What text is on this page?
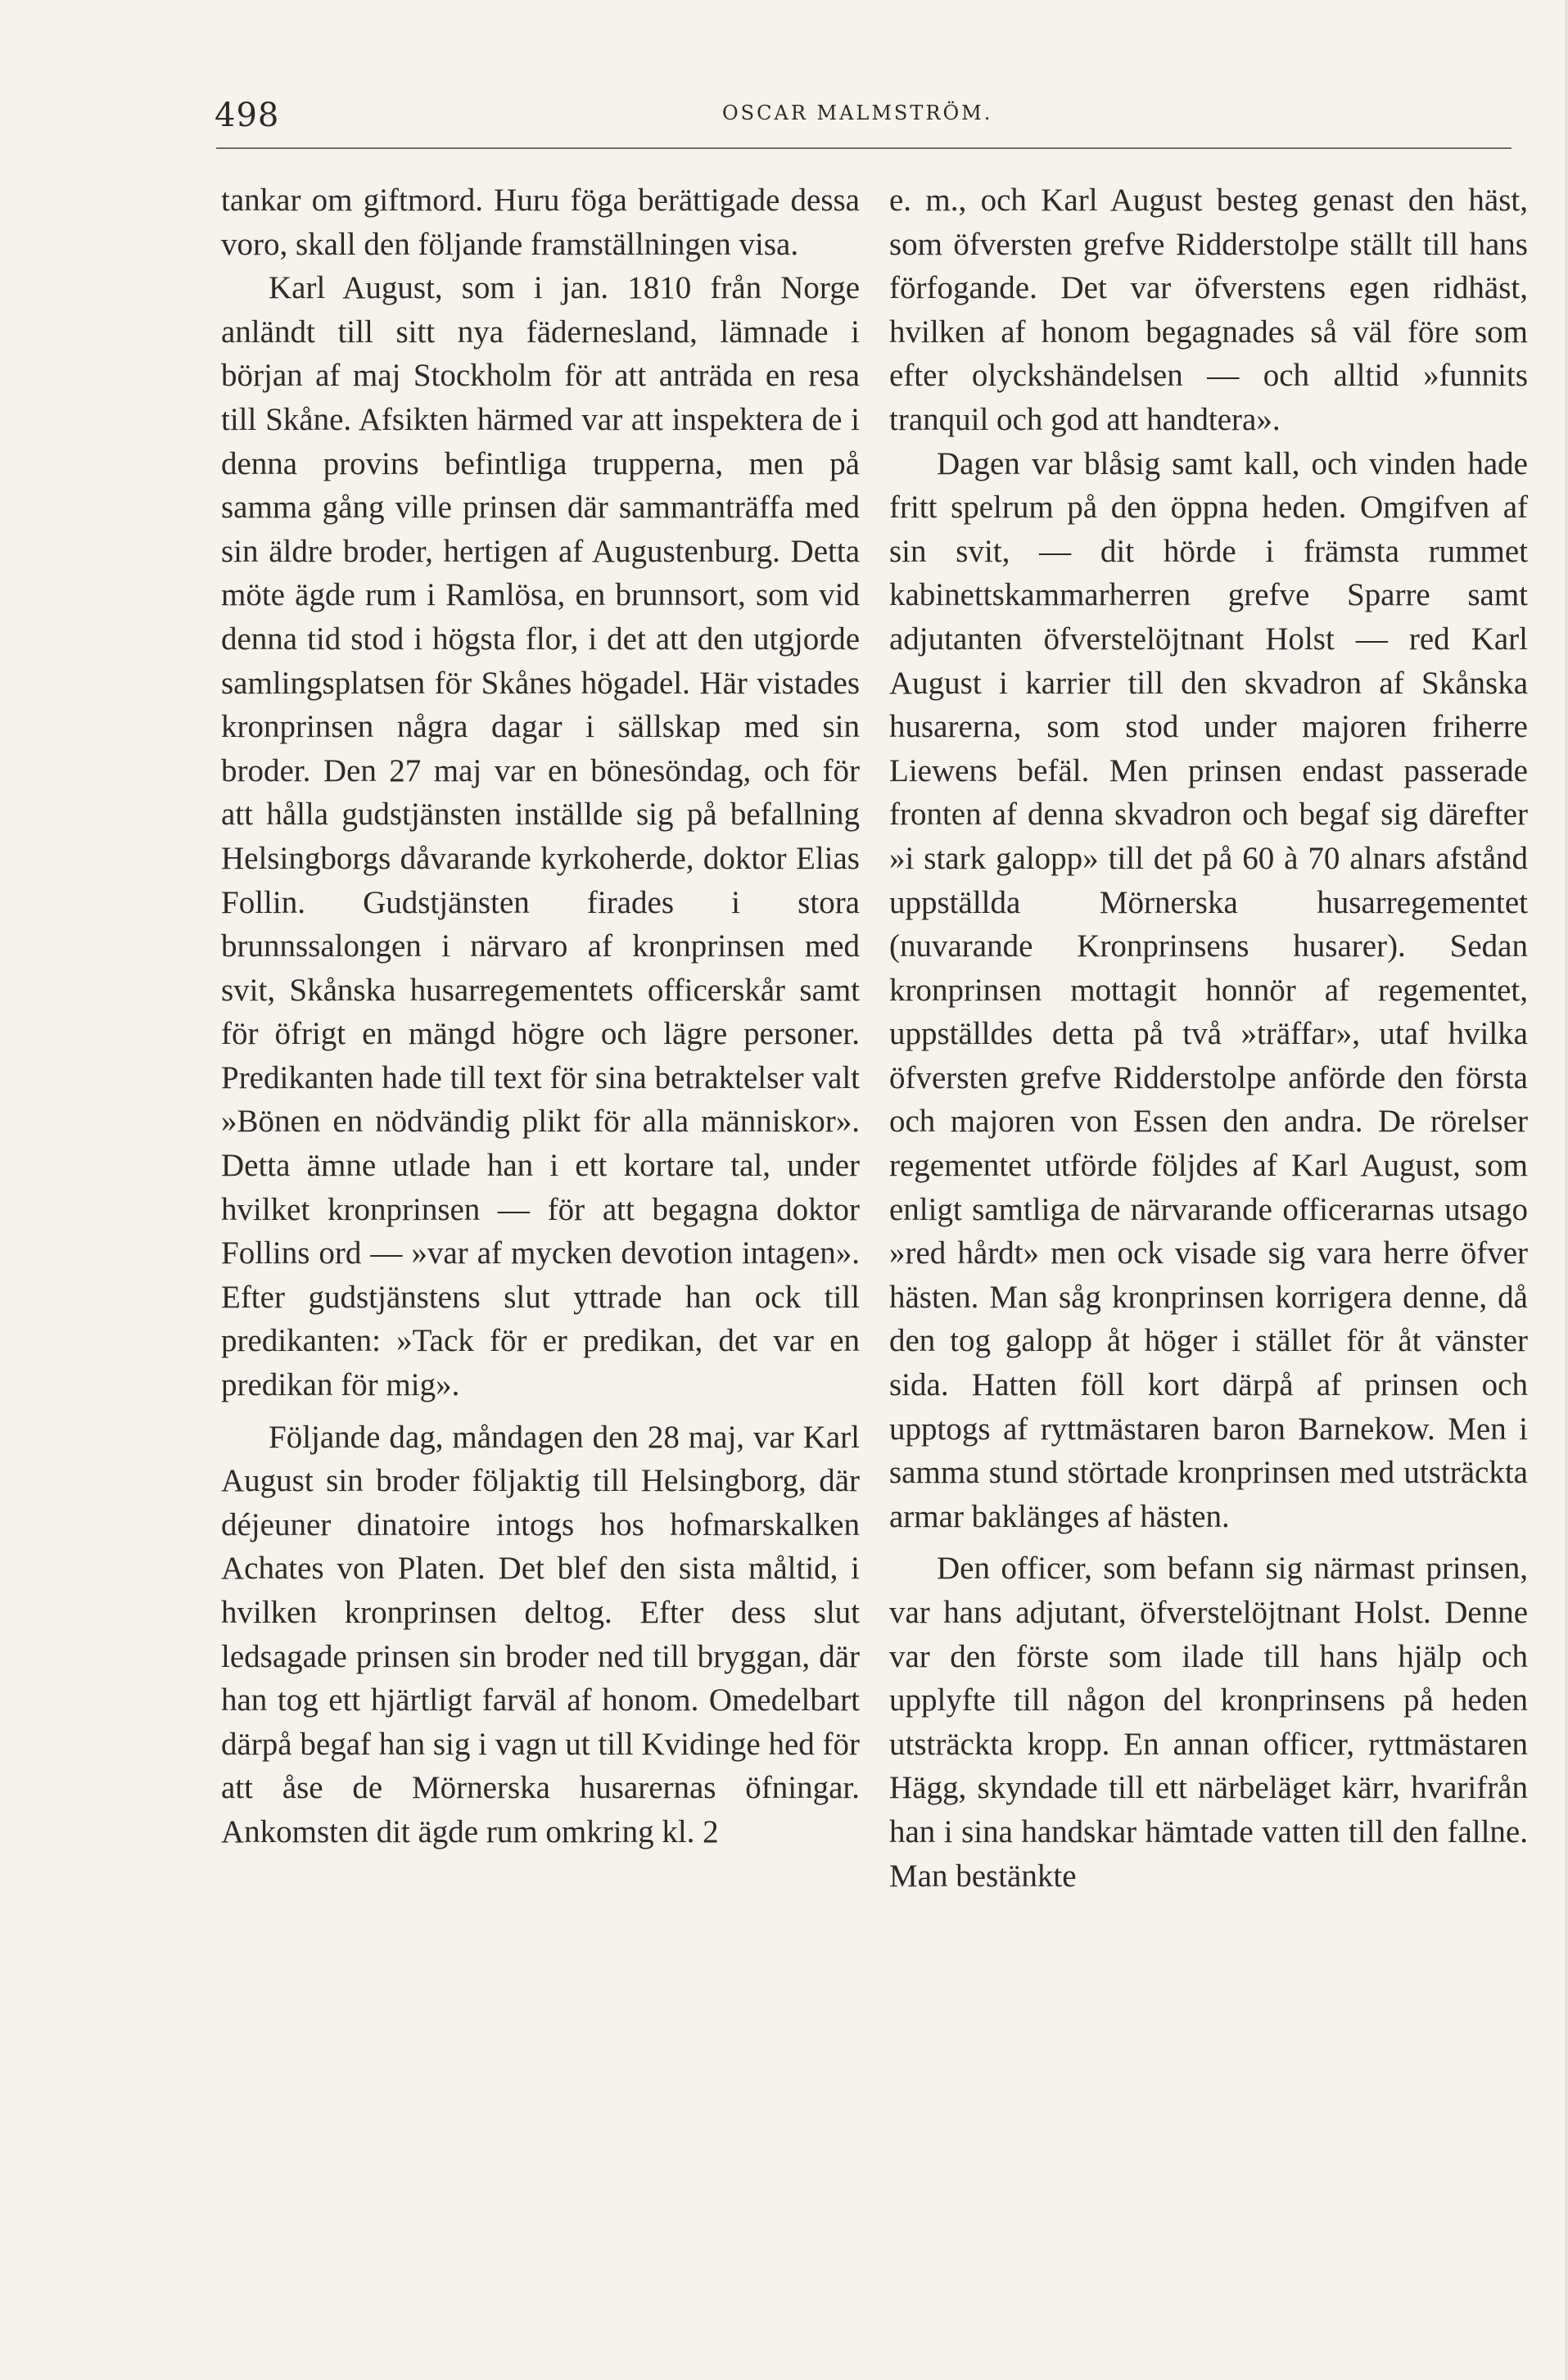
498	OSCAR MALMSTRÖM.

tankar om giftmord. Huru föga berättigade dessa voro, skall den följande framställningen visa.

Karl August, som i jan. 1810 från Norge anländt till sitt nya fädernesland, lämnade i början af maj Stockholm för att anträda en resa till Skåne. Afsikten härmed var att inspektera de i denna provins befintliga trupperna, men på samma gång ville prinsen där sammanträffa med sin äldre broder, hertigen af Augustenburg. Detta möte ägde rum i Ramlösa, en brunnsort, som vid denna tid stod i högsta flor, i det att den utgjorde samlingsplatsen för Skånes högadel. Här vistades kronprinsen några dagar i sällskap med sin broder. Den 27 maj var en bönesöndag, och för att hålla gudstjänsten inställde sig på befallning Helsingborgs dåvarande kyrkoherde, doktor Elias Follin. Gudstjänsten firades i stora brunnssalongen i närvaro af kronprinsen med svit, Skånska husarregementets officerskår samt för öfrigt en mängd högre och lägre personer. Predikanten hade till text för sina betraktelser valt »Bönen en nödvändig plikt för alla människor». Detta ämne utlade han i ett kortare tal, under hvilket kronprinsen — för att begagna doktor Follins ord — »var af mycken devotion intagen». Efter gudstjänstens slut yttrade han ock till predikanten: »Tack för er predikan, det var en predikan för mig».

Följande dag, måndagen den 28 maj, var Karl August sin broder följaktig till Helsingborg, där déjeuner dinatoire intogs hos hofmarskalken Achates von Platen. Det blef den sista måltid, i hvilken kronprinsen deltog. Efter dess slut ledsagade prinsen sin broder ned till bryggan, där han tog ett hjärtligt farväl af honom. Omedelbart därpå begaf han sig i vagn ut till Kvidinge hed för att åse de Mörnerska husarernas öfningar. Ankomsten dit ägde rum omkring kl. 2

e. m., och Karl August besteg genast den häst, som öfversten grefve Ridderstolpe ställt till hans förfogande. Det var öfverstens egen ridhäst, hvilken af honom begagnades så väl före som efter olyckshändelsen — och alltid »funnits tranquil och god att handtera».

Dagen var blåsig samt kall, och vinden hade fritt spelrum på den öppna heden. Omgifven af sin svit, — dit hörde i främsta rummet kabinettskammarherren grefve Sparre samt adjutanten öfverstelöjtnant Holst — red Karl August i karrier till den skvadron af Skånska husarerna, som stod under majoren friherre Liewens befäl. Men prinsen endast passerade fronten af denna skvadron och begaf sig därefter »i stark galopp» till det på 60 à 70 alnars afstånd uppställda Mörnerska husarregementet (nuvarande Kronprinsens husarer). Sedan kronprinsen mottagit honnör af regementet, uppställdes detta på två »träffar», utaf hvilka öfversten grefve Ridderstolpe anförde den första och majoren von Essen den andra. De rörelser regementet utförde följdes af Karl August, som enligt samtliga de närvarande officerarnas utsago »red hårdt» men ock visade sig vara herre öfver hästen. Man såg kronprinsen korrigera denne, då den tog galopp åt höger i stället för åt vänster sida. Hatten föll kort därpå af prinsen och upptogs af ryttmästaren baron Barnekow. Men i samma stund störtade kronprinsen med utsträckta armar baklänges af hästen.

Den officer, som befann sig närmast prinsen, var hans adjutant, öfverstelöjtnant Holst. Denne var den förste som ilade till hans hjälp och upplyfte till någon del kronprinsens på heden utsträckta kropp. En annan officer, ryttmästaren Hägg, skyndade till ett närbeläget kärr, hvarifrån han i sina handskar hämtade vatten till den fallne. Man bestänkte
